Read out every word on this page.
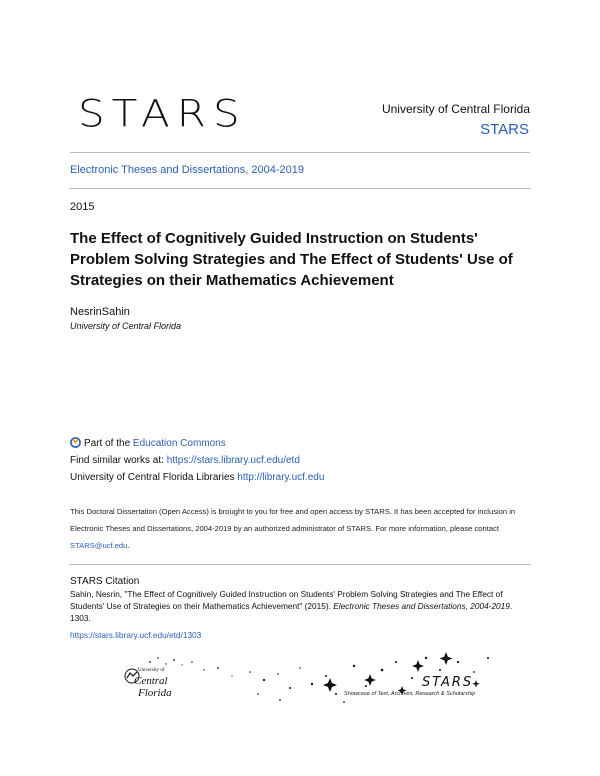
STARS	University of Central Florida
STARS
Electronic Theses and Dissertations, 2004-2019
2015
The Effect of Cognitively Guided Instruction on Students' Problem Solving Strategies and The Effect of Students' Use of Strategies on their Mathematics Achievement
NesrinSahin
University of Central Florida
Part of the Education Commons
Find similar works at: https://stars.library.ucf.edu/etd
University of Central Florida Libraries http://library.ucf.edu
This Doctoral Dissertation (Open Access) is brought to you for free and open access by STARS. It has been accepted for inclusion in Electronic Theses and Dissertations, 2004-2019 by an authorized administrator of STARS. For more information, please contact STARS@ucf.edu.
STARS Citation
Sahin, Nesrin, "The Effect of Cognitively Guided Instruction on Students' Problem Solving Strategies and The Effect of Students' Use of Strategies on their Mathematics Achievement" (2015). Electronic Theses and Dissertations, 2004-2019. 1303.
https://stars.library.ucf.edu/etd/1303
University of
Central
Florida
STARS
Showcase of Text, Archives, Research & Scholarship
